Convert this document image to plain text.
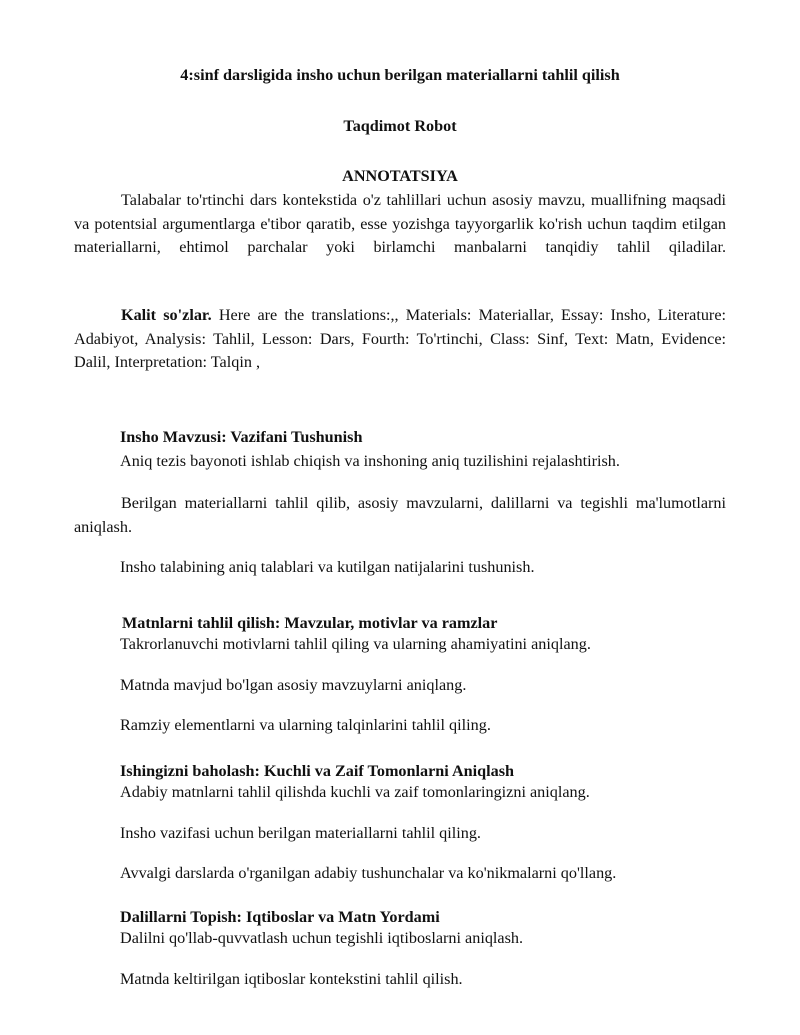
4:sinf darsligida insho uchun berilgan materiallarni tahlil qilish
Taqdimot Robot
ANNOTATSIYA
Talabalar to'rtinchi dars kontekstida o'z tahlillari uchun asosiy mavzu, muallifning maqsadi va potentsial argumentlarga e'tibor qaratib, esse yozishga tayyorgarlik ko'rish uchun taqdim etilgan materiallarni, ehtimol parchalar yoki birlamchi manbalarni tanqidiy tahlil qiladilar.
Kalit so'zlar. Here are the translations:,, Materials: Materiallar, Essay: Insho, Literature: Adabiyot, Analysis: Tahlil, Lesson: Dars, Fourth: To'rtinchi, Class: Sinf, Text: Matn, Evidence: Dalil, Interpretation: Talqin ,
Insho Mavzusi: Vazifani Tushunish
Aniq tezis bayonoti ishlab chiqish va inshoning aniq tuzilishini rejalashtirish.
Berilgan materiallarni tahlil qilib, asosiy mavzularni, dalillarni va tegishli ma'lumotlarni aniqlash.
Insho talabining aniq talablari va kutilgan natijalarini tushunish.
Matnlarni tahlil qilish: Mavzular, motivlar va ramzlar
Takrorlanuvchi motivlarni tahlil qiling va ularning ahamiyatini aniqlang.
Matnda mavjud bo'lgan asosiy mavzuylarni aniqlang.
Ramziy elementlarni va ularning talqinlarini tahlil qiling.
Ishingizni baholash: Kuchli va Zaif Tomonlarni Aniqlash
Adabiy matnlarni tahlil qilishda kuchli va zaif tomonlaringizni aniqlang.
Insho vazifasi uchun berilgan materiallarni tahlil qiling.
Avvalgi darslarda o'rganilgan adabiy tushunchalar va ko'nikmalarni qo'llang.
Dalillarni Topish: Iqtiboslar va Matn Yordami
Dalilni qo'llab-quvvatlash uchun tegishli iqtiboslarni aniqlash.
Matnda keltirilgan iqtiboslar kontekstini tahlil qilish.
